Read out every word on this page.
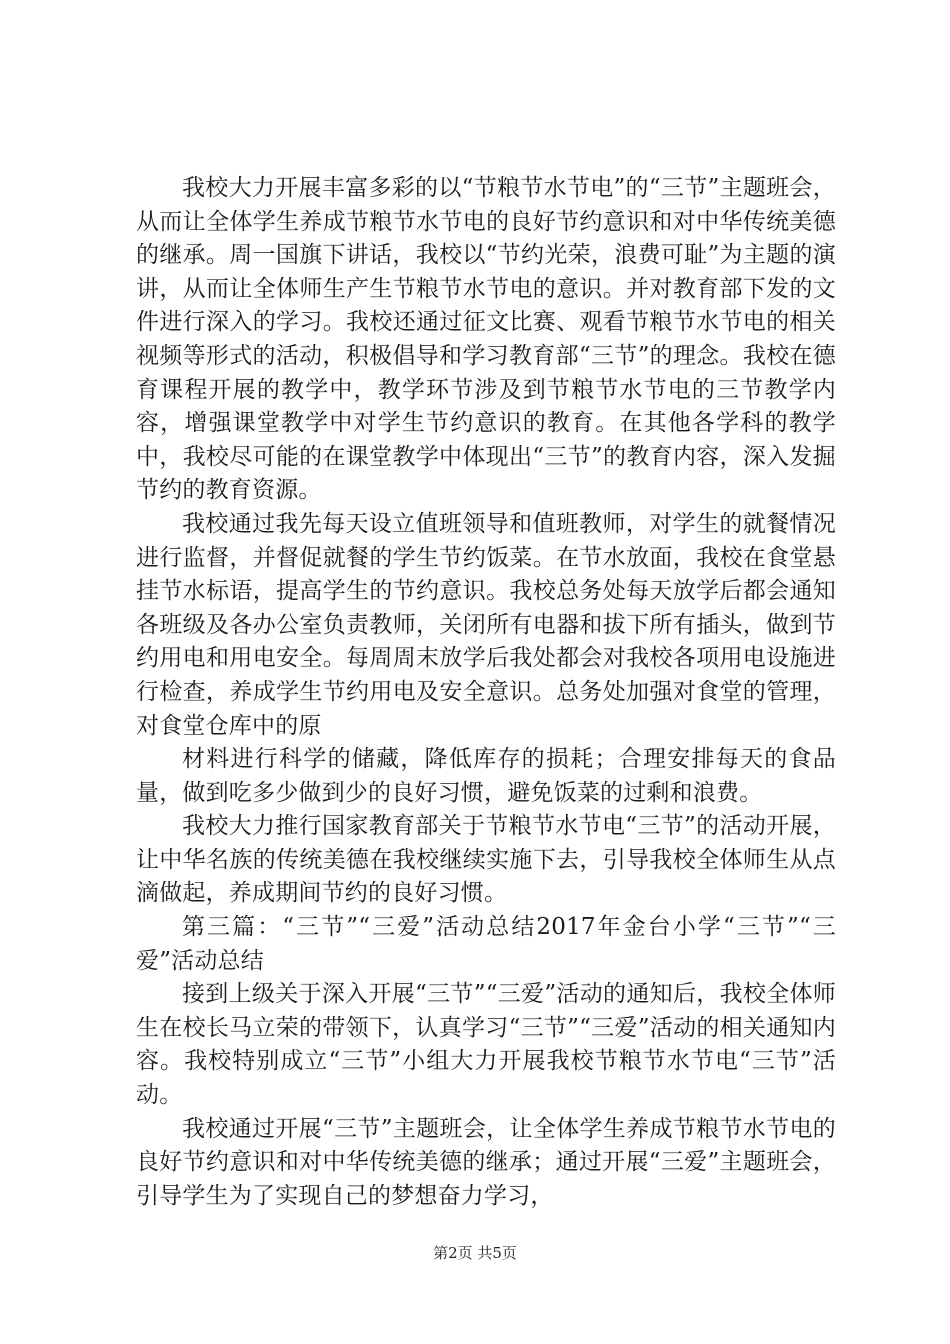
我校大力开展丰富多彩的以“节粮节水节电”的“三节”主题班会，从而让全体学生养成节粮节水节电的良好节约意识和对中华传统美德的继承。周一国旗下讲话，我校以“节约光荣，浪费可耻”为主题的演讲，从而让全体师生产生节粮节水节电的意识。并对教育部下发的文件进行深入的学习。我校还通过征文比赛、观看节粮节水节电的相关视频等形式的活动，积极倡导和学习教育部“三节”的理念。我校在德育课程开展的教学中，教学环节涉及到节粮节水节电的三节教学内容，增强课堂教学中对学生节约意识的教育。在其他各学科的教学中，我校尽可能的在课堂教学中体现出“三节”的教育内容，深入发掘节约的教育资源。

我校通过我先每天设立值班领导和值班教师，对学生的就餐情况进行监督，并督促就餐的学生节约饭菜。在节水放面，我校在食堂悬挂节水标语，提高学生的节约意识。我校总务处每天放学后都会通知各班级及各办公室负责教师，关闭所有电器和拔下所有插头，做到节约用电和用电安全。每周周末放学后我处都会对我校各项用电设施进行检查，养成学生节约用电及安全意识。总务处加强对食堂的管理，对食堂仓库中的原

材料进行科学的储藏，降低库存的损耗；合理安排每天的食品量，做到吃多少做到少的良好习惯，避免饭菜的过剩和浪费。

我校大力推行国家教育部关于节粮节水节电“三节”的活动开展，让中华名族的传统美德在我校继续实施下去，引导我校全体师生从点滴做起，养成期间节约的良好习惯。

第三篇：“三节”“三爱”活动总结2017年金台小学“三节”“三爱”活动总结

接到上级关于深入开展“三节”“三爱”活动的通知后，我校全体师生在校长马立荣的带领下，认真学习“三节”“三爱”活动的相关通知内容。我校特别成立“三节”小组大力开展我校节粮节水节电“三节”活动。

我校通过开展“三节”主题班会，让全体学生养成节粮节水节电的良好节约意识和对中华传统美德的继承；通过开展“三爱”主题班会，引导学生为了实现自己的梦想奋力学习，

第2页 共5页
